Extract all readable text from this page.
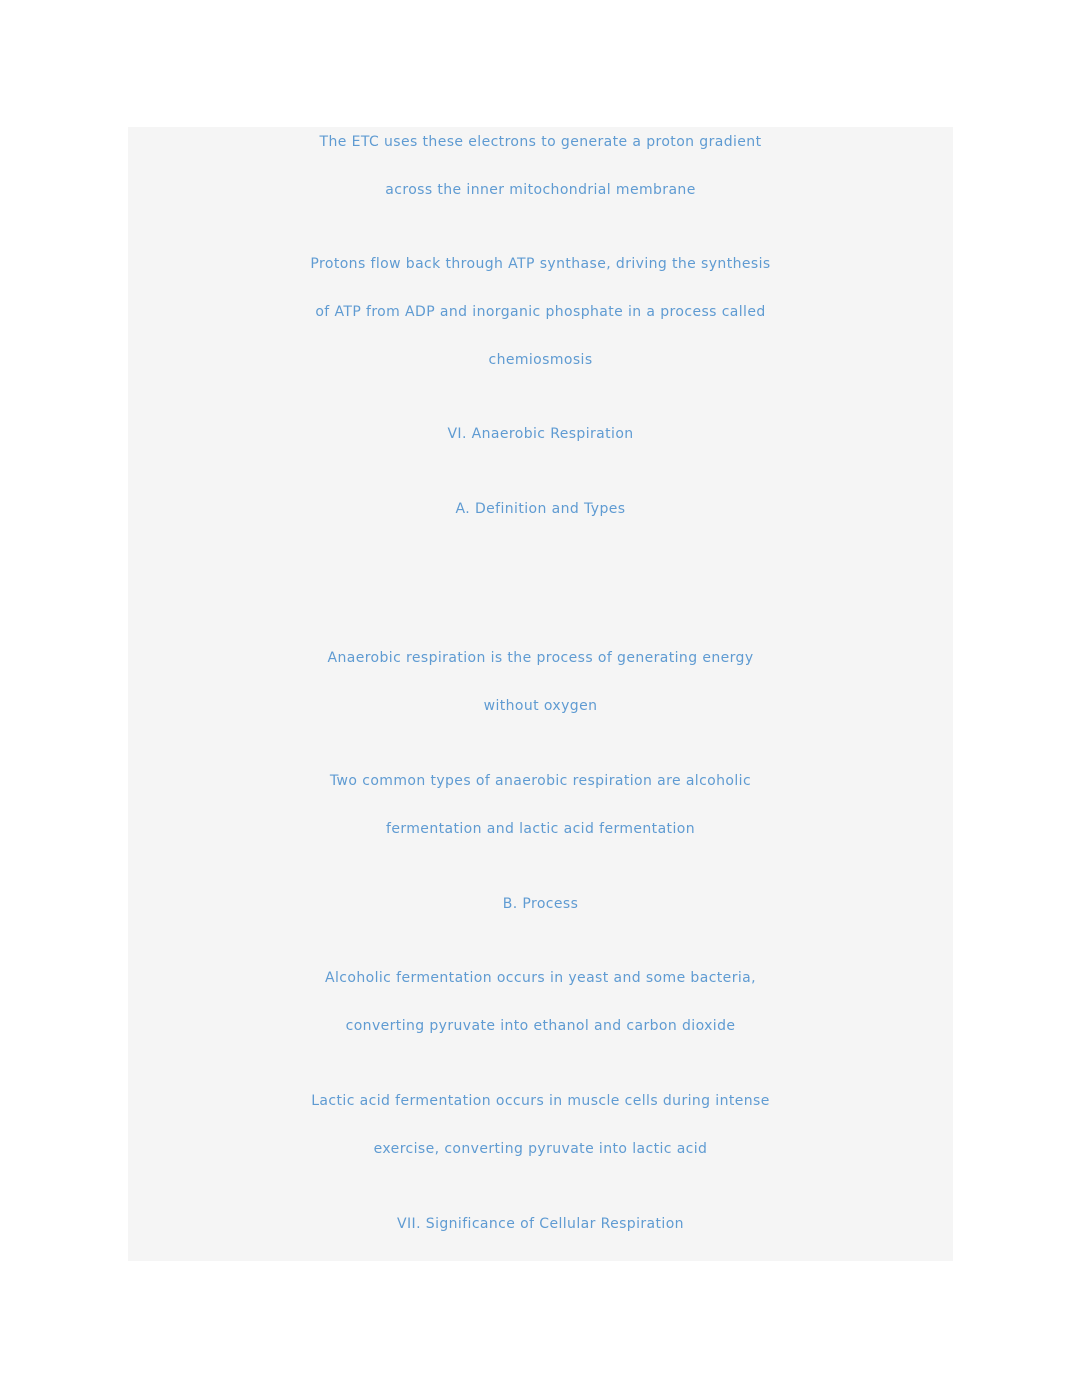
The ETC uses these electrons to generate a proton gradient

across the inner mitochondrial membrane

Protons flow back through ATP synthase, driving the synthesis

of ATP from ADP and inorganic phosphate in a process called

chemiosmosis

VI. Anaerobic Respiration
A. Definition and Types

Anaerobic respiration is the process of generating energy

without oxygen

Two common types of anaerobic respiration are alcoholic

fermentation and lactic acid fermentation

B. Process

Alcoholic fermentation occurs in yeast and some bacteria,

converting pyruvate into ethanol and carbon dioxide

Lactic acid fermentation occurs in muscle cells during intense

exercise, converting pyruvate into lactic acid

VII. Significance of Cellular Respiration
